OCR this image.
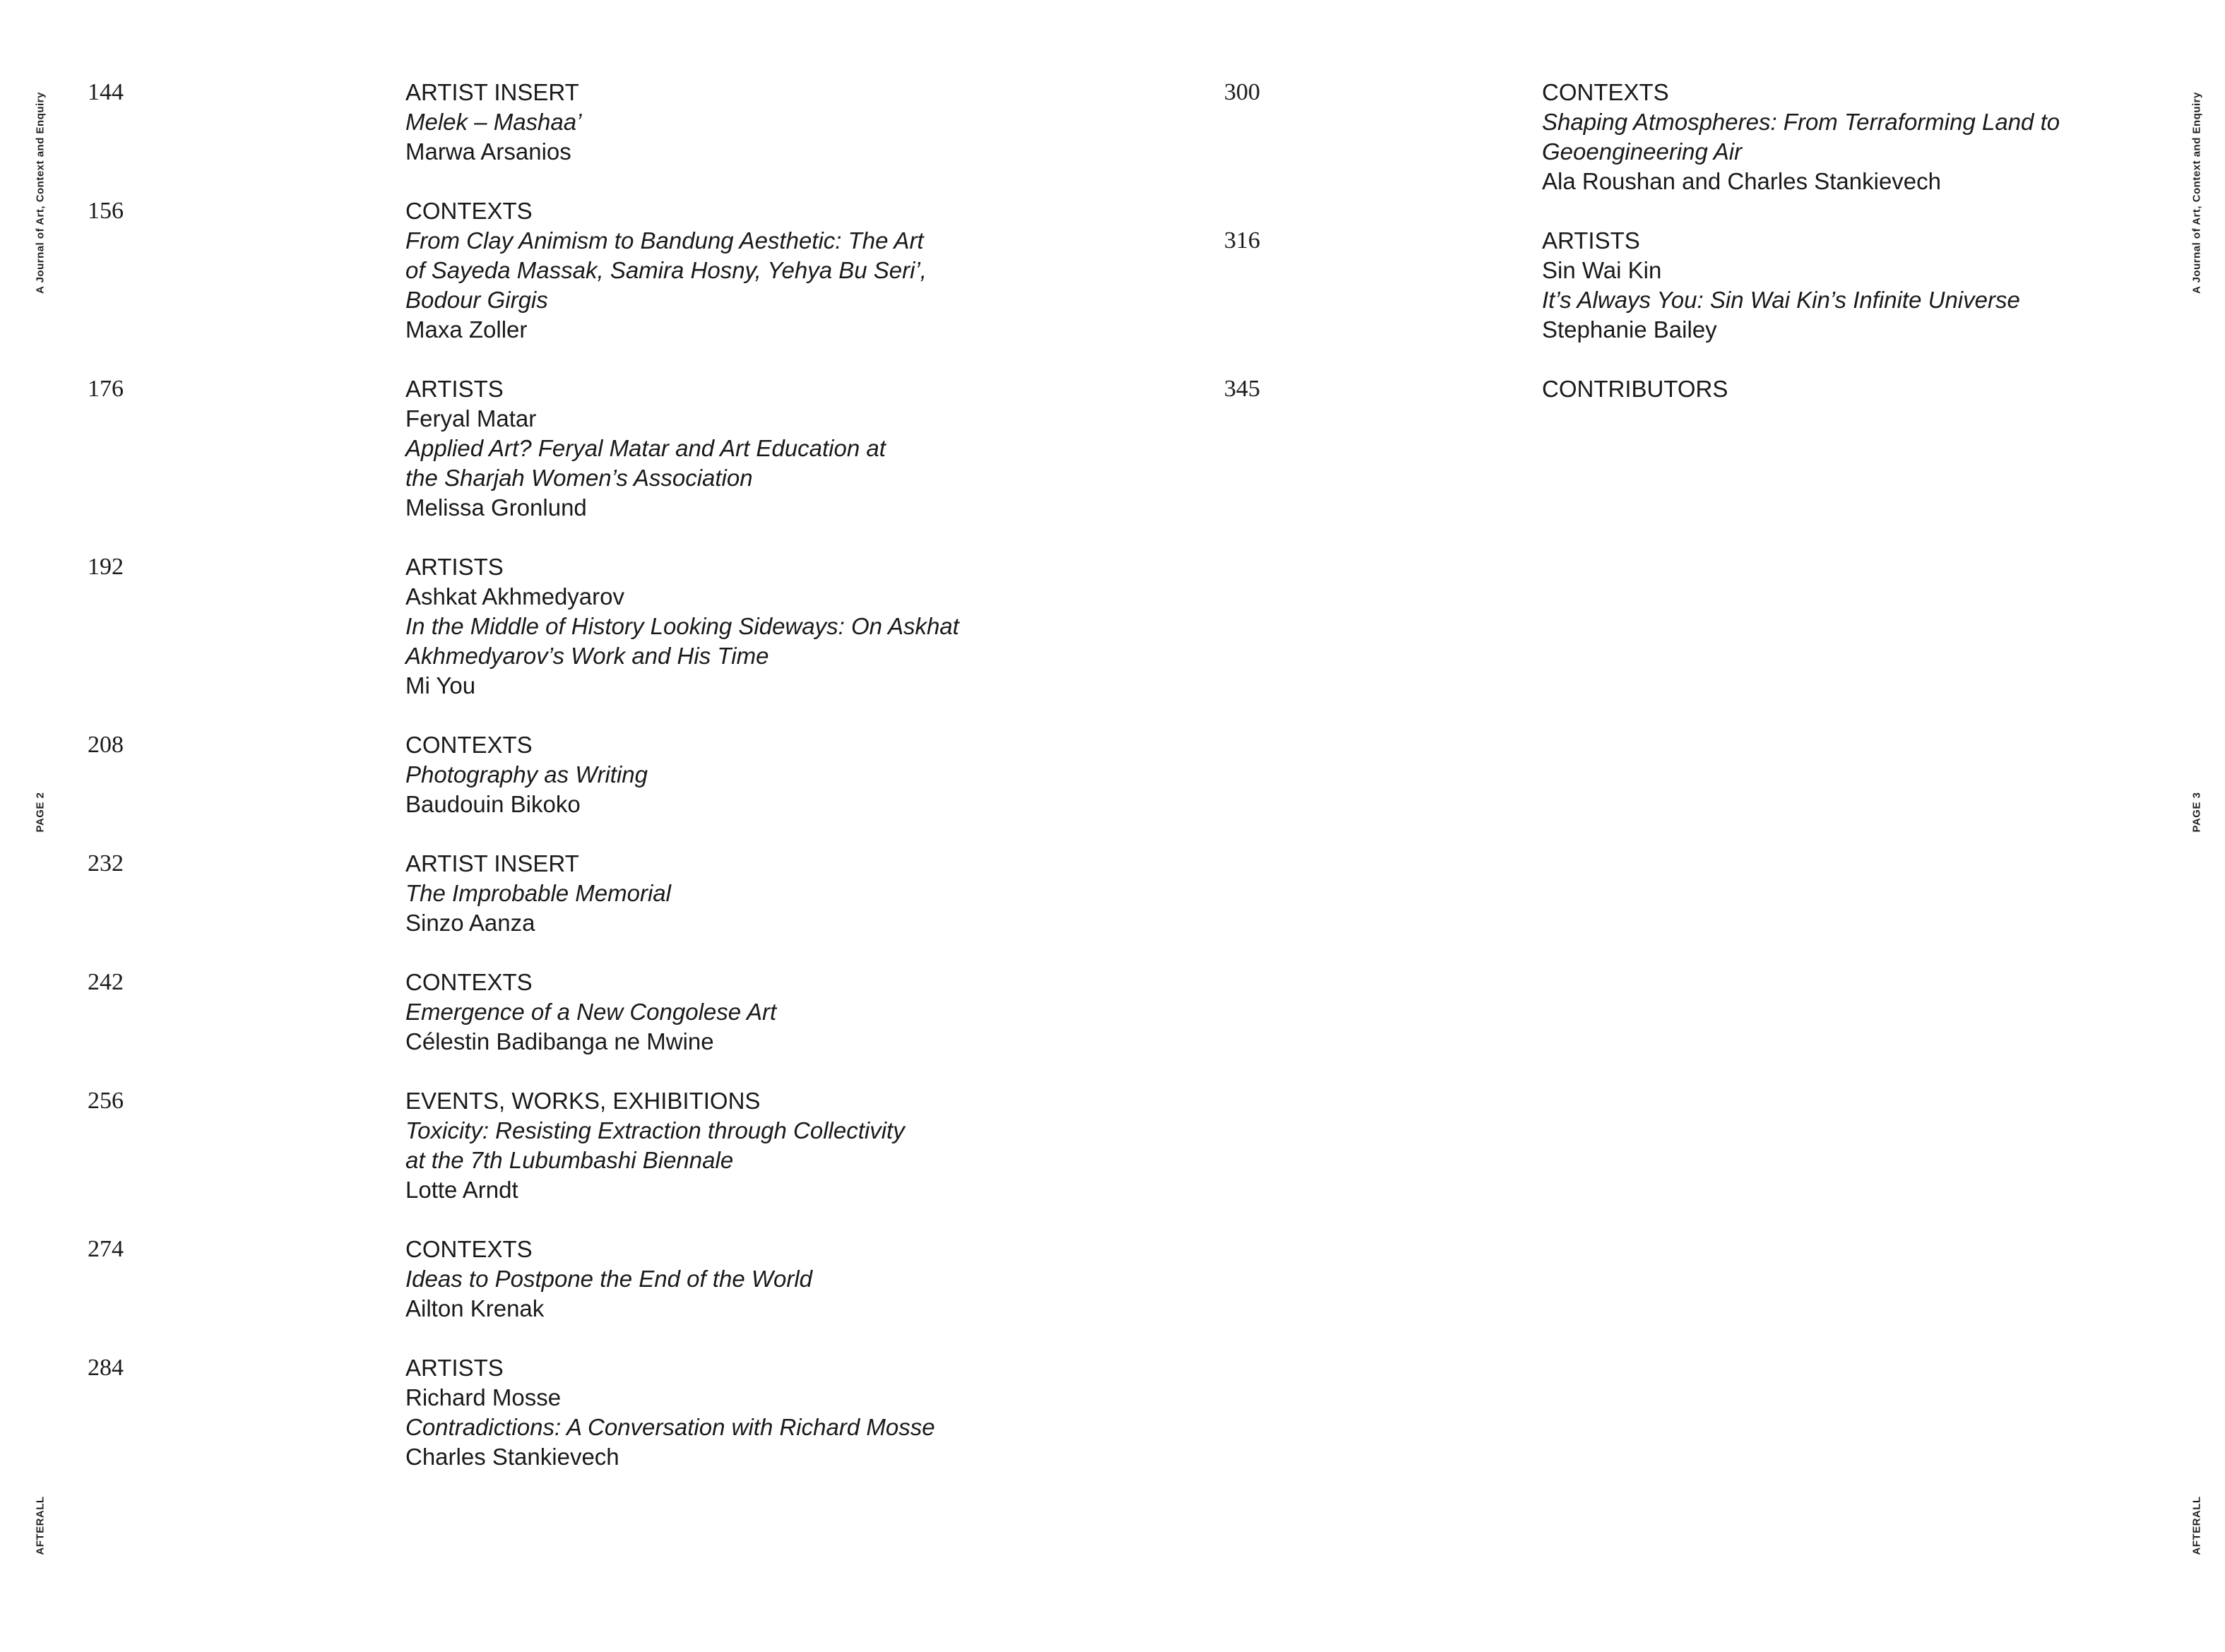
A Journal of Art, Context and Enquiry
PAGE 2
AFTERALL
A Journal of Art, Context and Enquiry
PAGE 3
AFTERALL
144	ARTIST INSERT
Melek – Mashaa’
Marwa Arsanios
156	CONTEXTS
From Clay Animism to Bandung Aesthetic: The Art
of Sayeda Massak, Samira Hosny, Yehya Bu Seri’,
Bodour Girgis
Maxa Zoller
176	ARTISTS
Feryal Matar
Applied Art? Feryal Matar and Art Education at
the Sharjah Women’s Association
Melissa Gronlund
192	ARTISTS
Ashkat Akhmedyarov
In the Middle of History Looking Sideways: On Askhat
Akhmedyarov’s Work and His Time
Mi You
208	CONTEXTS
Photography as Writing
Baudouin Bikoko
232	ARTIST INSERT
The Improbable Memorial
Sinzo Aanza
242	CONTEXTS
Emergence of a New Congolese Art
Célestin Badibanga ne Mwine
256	EVENTS, WORKS, EXHIBITIONS
Toxicity: Resisting Extraction through Collectivity
at the 7th Lubumbashi Biennale
Lotte Arndt
274	CONTEXTS
Ideas to Postpone the End of the World
Ailton Krenak
284	ARTISTS
Richard Mosse
Contradictions: A Conversation with Richard Mosse
Charles Stankievech
300	CONTEXTS
Shaping Atmospheres: From Terraforming Land to
Geoengineering Air
Ala Roushan and Charles Stankievech
316	ARTISTS
Sin Wai Kin
It’s Always You: Sin Wai Kin’s Infinite Universe
Stephanie Bailey
345	CONTRIBUTORS
